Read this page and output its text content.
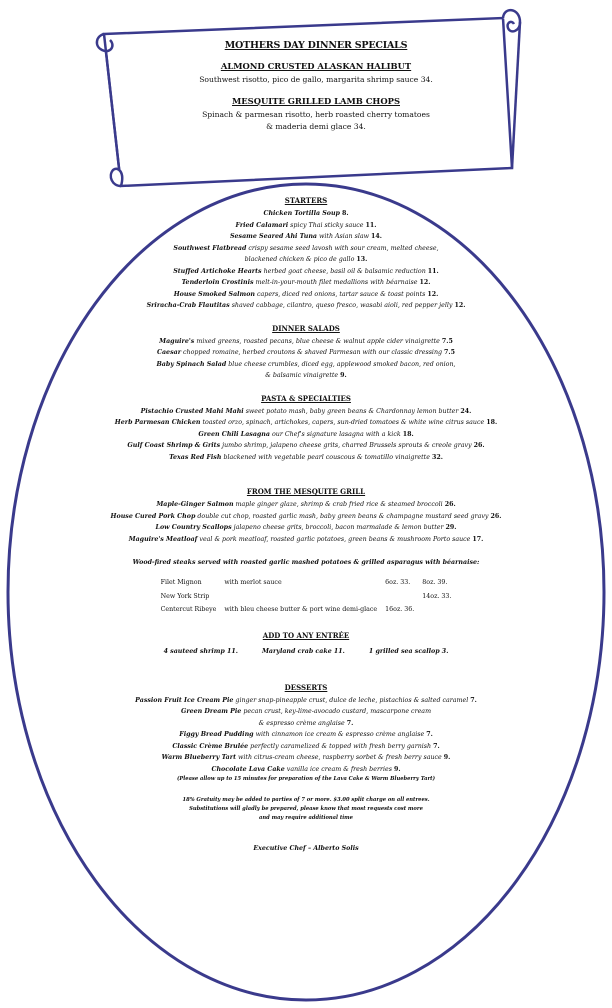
MOTHERS DAY DINNER SPECIALS

ALMOND CRUSTED ALASKAN HALIBUT

Southwest risotto, pico de gallo, margarita shrimp sauce 34.

MESQUITE GRILLED LAMB CHOPS

Spinach & parmesan risotto, herb roasted cherry tomatoes

& maderia demi glace 34.

STARTERS

Chicken Tortilla Soup 8.

Fried Calamari spicy Thai sticky sauce 11.

Sesame Seared Ahi Tuna with Asian slaw 14.

Southwest Flatbread crispy sesame seed lavosh with sour cream, melted cheese,

blackened chicken & pico de gallo 13.

Stuffed Artichoke Hearts herbed goat cheese, basil oil & balsamic reduction 11.

Tenderloin Crostinis melt-in-your-mouth filet medallions with béarnaise 12.

House Smoked Salmon capers, diced red onions, tartar sauce & toast points 12.

Sriracha-Crab Flautitas shaved cabbage, cilantro, queso fresco, wasabi aioli, red pepper jelly 12.

DINNER SALADS

Maguire's mixed greens, roasted pecans, blue cheese & walnut apple cider vinaigrette 7.5

Caesar chopped romaine, herbed croutons & shaved Parmesan with our classic dressing 7.5

Baby Spinach Salad blue cheese crumbles, diced egg, applewood smoked bacon, red onion,

& balsamic vinaigrette 9.

PASTA & SPECIALTIES

Pistachio Crusted Mahi Mahi sweet potato mash, baby green beans & Chardonnay lemon butter 24.

Herb Parmesan Chicken toasted orzo, spinach, artichokes, capers, sun-dried tomatoes & white wine citrus sauce 18.

Green Chili Lasagna our Chef's signature lasagna with a kick 18.

Gulf Coast Shrimp & Grits jumbo shrimp, jalapeno cheese grits, charred Brussels sprouts & creole gravy 26.

Texas Red Fish blackened with vegetable pearl couscous & tomatillo vinaigrette 32.

FROM THE MESQUITE GRILL

Maple-Ginger Salmon maple ginger glaze, shrimp & crab fried rice & steamed broccoli 26.

House Cured Pork Chop double cut chop, roasted garlic mash, baby green beans & champagne mustard seed gravy 26.

Low Country Scallops jalapeno cheese grits, broccoli, bacon marmalade & lemon butter 29.

Maguire's Meatloaf veal & pork meatloaf, roasted garlic potatoes, green beans & mushroom Porto sauce 17.

Wood-fired steaks served with roasted garlic mashed potatoes & grilled asparagus with béarnaise:

Filet Mignon	with merlot sauce	6oz. 33.	8oz. 39.
New York Strip			14oz. 33.
Centercut Ribeye	with bleu cheese butter & port wine demi-glace	16oz. 36.	

ADD TO ANY ENTRÉE

4 sauteed shrimp 11.	Maryland crab cake 11.	1 grilled sea scallop 3.

DESSERTS

Passion Fruit Ice Cream Pie ginger snap-pineapple crust, dulce de leche, pistachios & salted caramel 7.

Green Dream Pie pecan crust, key-lime-avocado custard, mascarpone cream

& espresso crème anglaise 7.

Figgy Bread Pudding with cinnamon ice cream & espresso crème anglaise 7.

Classic Crème Brulée perfectly caramelized & topped with fresh berry garnish 7.

Warm Blueberry Tart with citrus-cream cheese, raspberry sorbet & fresh berry sauce 9.

Chocolate Lava Cake vanilla ice cream & fresh berries 9.

(Please allow up to 15 minutes for preparation of the Lava Cake & Warm Blueberry Tart)

18% Gratuity may be added to parties of 7 or more. $3.00 split charge on all entrees.

Substitutions will gladly be prepared, please know that most requests cost more

and may require additional time

Executive Chef – Alberto Solis
